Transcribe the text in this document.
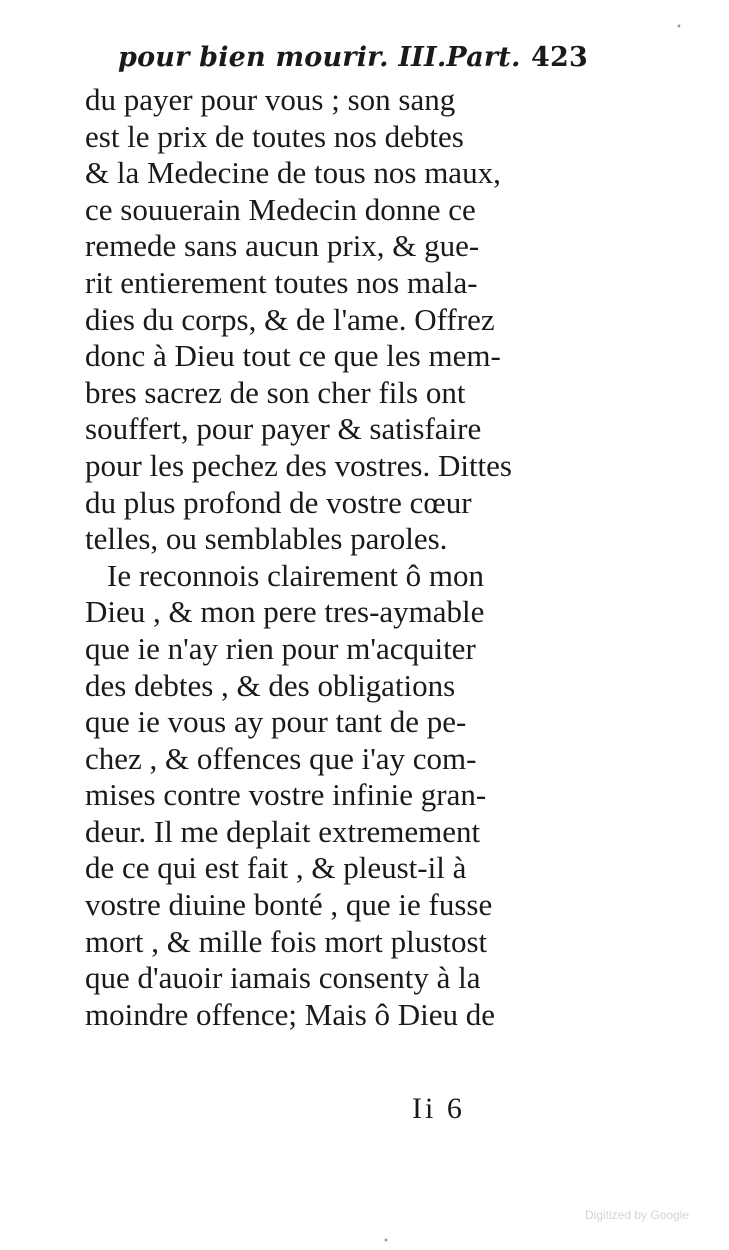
pour bien mourir. III.Part. 423
du payer pour vous ; son sang
est le prix de toutes nos debtes
& la Medecine de tous nos maux,
ce souuerain Medecin donne ce
remede sans aucun prix, & gue-
rit entierement toutes nos mala-
dies du corps, & de l'ame. Offrez
donc à Dieu tout ce que les mem-
bres sacrez de son cher fils ont
souffert, pour payer & satisfaire
pour les pechez des vostres. Dittes
du plus profond de vostre cœur
telles, ou semblables paroles.
Ie reconnois clairement ô mon
Dieu , & mon pere tres-aymable
que ie n'ay rien pour m'acquiter
des debtes , & des obligations
que ie vous ay pour tant de pe-
chez , & offences que i'ay com-
mises contre vostre infinie gran-
deur. Il me deplait extremement
de ce qui est fait , & pleust-il à
vostre diuine bonté , que ie fusse
mort , & mille fois mort plustost
que d'auoir iamais consenty à la
moindre offence; Mais ô Dieu de
Ii 6
•
•
Digitized by Google
